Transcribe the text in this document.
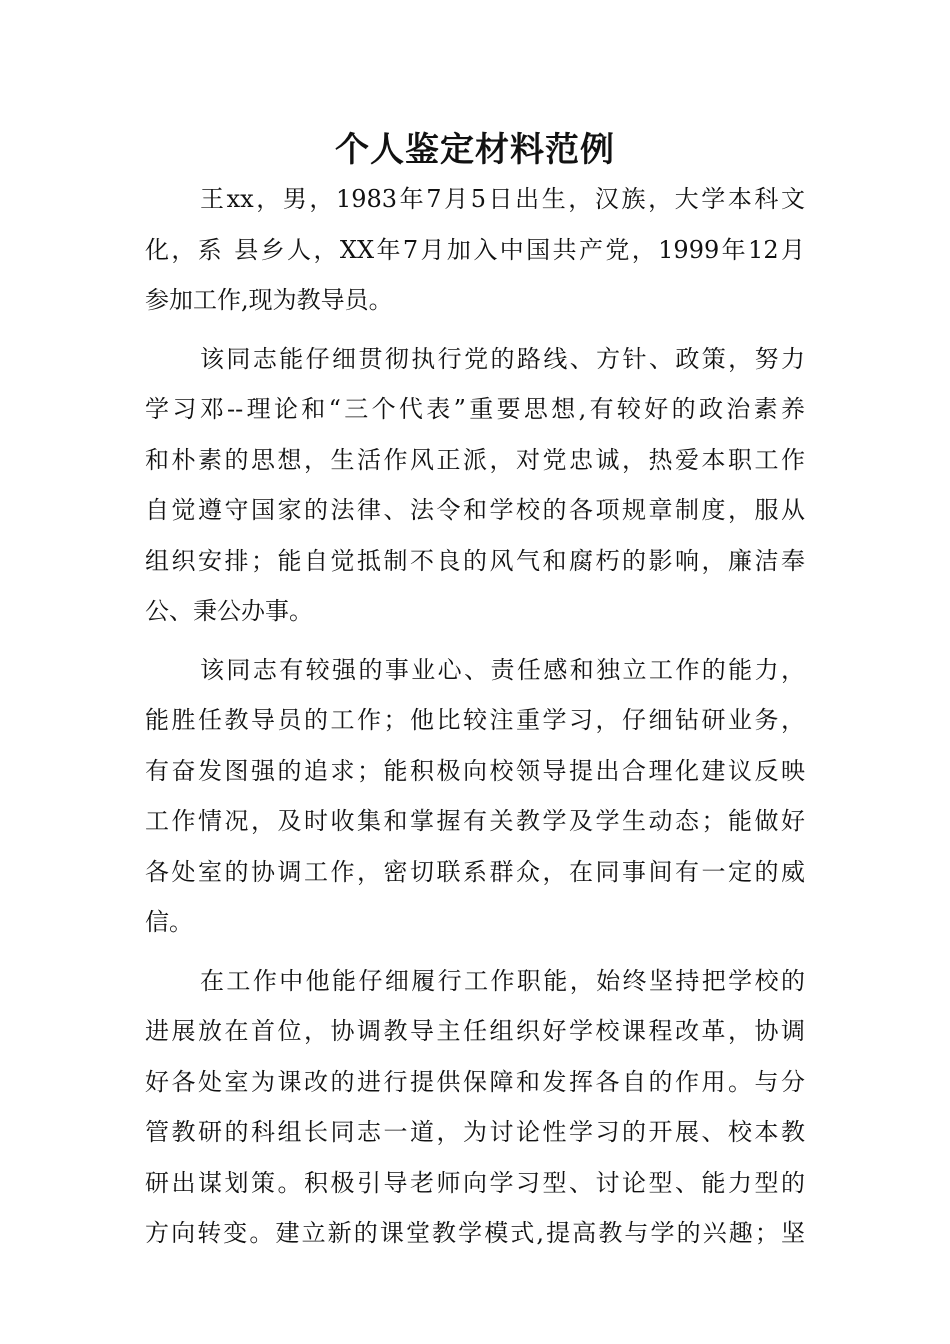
个人鉴定材料范例
王xx，男，1983年7月5日出生，汉族，大学本科文
化，系 县乡人，XX年7月加入中国共产党，1999年12月
参加工作,现为教导员。
该同志能仔细贯彻执行党的路线、方针、政策，努力
学习邓--理论和“三个代表”重要思想,有较好的政治素养
和朴素的思想，生活作风正派，对党忠诚，热爱本职工作
自觉遵守国家的法律、法令和学校的各项规章制度，服从
组织安排；能自觉抵制不良的风气和腐朽的影响，廉洁奉
公、秉公办事。
该同志有较强的事业心、责任感和独立工作的能力，
能胜任教导员的工作；他比较注重学习，仔细钻研业务，
有奋发图强的追求；能积极向校领导提出合理化建议反映
工作情况，及时收集和掌握有关教学及学生动态；能做好
各处室的协调工作，密切联系群众，在同事间有一定的威
信。
在工作中他能仔细履行工作职能，始终坚持把学校的
进展放在首位，协调教导主任组织好学校课程改革，协调
好各处室为课改的进行提供保障和发挥各自的作用。与分
管教研的科组长同志一道，为讨论性学习的开展、校本教
研出谋划策。积极引导老师向学习型、讨论型、能力型的
方向转变。建立新的课堂教学模式,提高教与学的兴趣；坚
